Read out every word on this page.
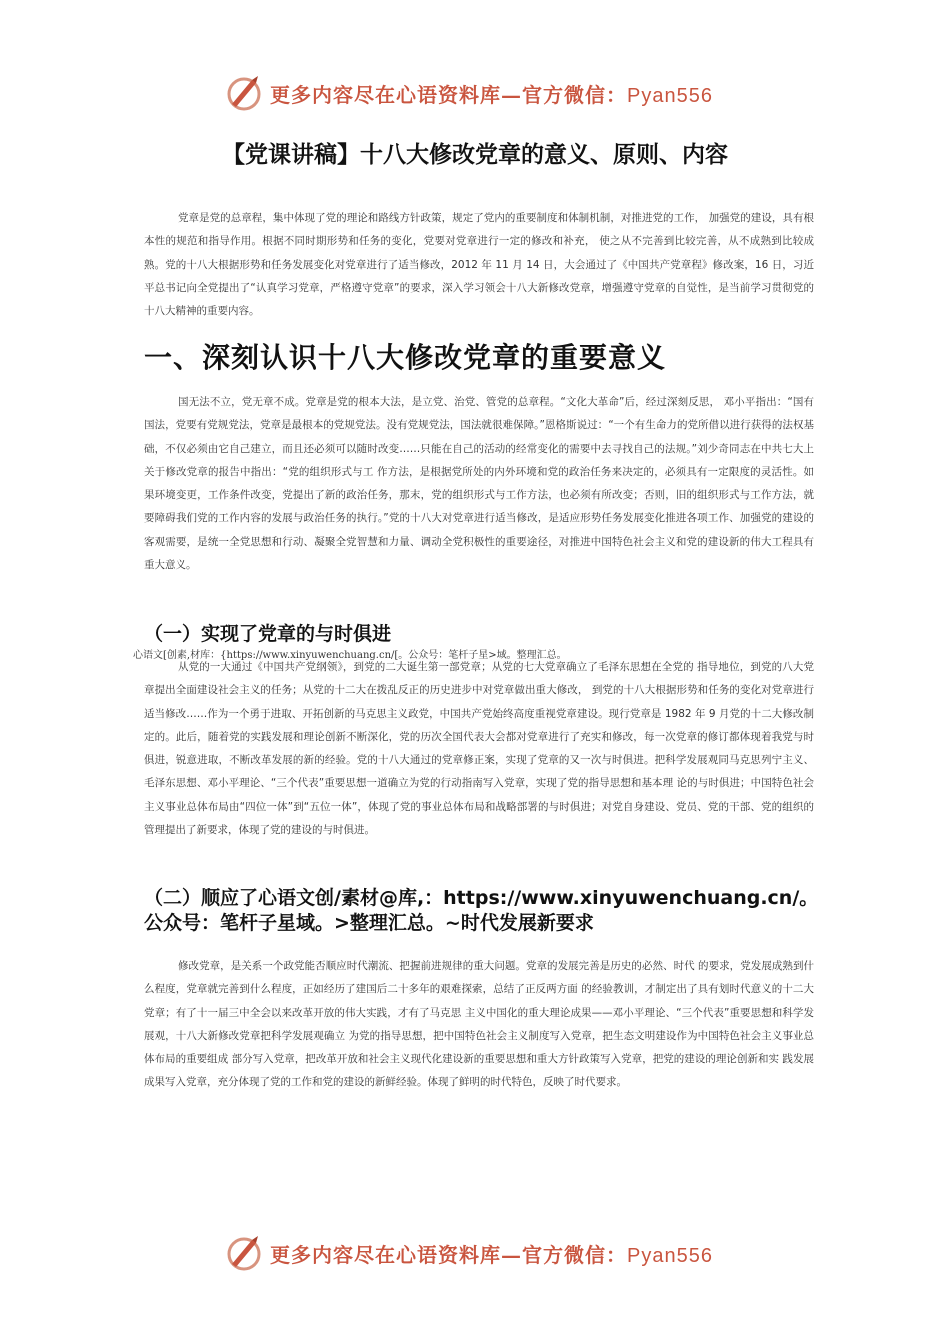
更多内容尽在心语资料库—官方微信：Pyan556
【党课讲稿】十八大修改党章的意义、原则、内容
党章是党的总章程，集中体现了党的理论和路线方针政策，规定了党内的重要制度和体制机制，对推进党的工作， 加强党的建设，具有根本性的规范和指导作用。根据不同时期形势和任务的变化，党要对党章进行一定的修改和补充， 使之从不完善到比较完善，从不成熟到比较成熟。党的十八大根据形势和任务发展变化对党章进行了适当修改，2012 年 11 月 14 日，大会通过了《中国共产党章程》修改案，16 日，习近平总书记向全党提出了“认真学习党章，严格遵守党章”的要求，深入学习领会十八大新修改党章，增强遵守党章的自觉性，是当前学习贯彻党的十八大精神的重要内容。
一、深刻认识十八大修改党章的重要意义
国无法不立，党无章不成。党章是党的根本大法，是立党、治党、管党的总章程。“文化大革命”后，经过深刻反思， 邓小平指出：“国有国法，党要有党规党法，党章是最根本的党规党法。没有党规党法，国法就很难保障。”恩格斯说过：“一个有生命力的党所借以进行获得的法权基础，不仅必须由它自己建立，而且还必须可以随时改变……只能在自己的活动的经常变化的需要中去寻找自己的法规。”刘少奇同志在中共七大上关于修改党章的报告中指出：“党的组织形式与工 作方法，是根据党所处的内外环境和党的政治任务来决定的，必须具有一定限度的灵活性。如果环境变更，工作条件改变，党提出了新的政治任务，那末，党的组织形式与工作方法，也必须有所改变；否则，旧的组织形式与工作方法，就要障碍我们党的工作内容的发展与政治任务的执行。”党的十八大对党章进行适当修改，是适应形势任务发展变化推进各项工作、加强党的建设的客观需要，是统一全党思想和行动、凝聚全党智慧和力量、调动全党积极性的重要途径，对推进中国特色社会主义和党的建设新的伟大工程具有重大意义。
（一）实现了党章的与时俱进
心语文[创素,材库：{https://www.xinyuwenchuang.cn/[。公众号：笔杆子星>域。整理汇总。
从党的一大通过《中国共产党纲领》，到党的二大诞生第一部党章；从党的七大党章确立了毛泽东思想在全党的 指导地位，到党的八大党章提出全面建设社会主义的任务；从党的十二大在拨乱反正的历史进步中对党章做出重大修改， 到党的十八大根据形势和任务的变化对党章进行适当修改……作为一个勇于进取、开拓创新的马克思主义政党，中国共产党始终高度重视党章建设。现行党章是 1982 年 9 月党的十二大修改制定的。此后，随着党的实践发展和理论创新不断深化，党的历次全国代表大会都对党章进行了充实和修改，每一次党章的修订都体现着我党与时俱进，锐意进取，不断改革发展的新的经验。党的十八大通过的党章修正案，实现了党章的又一次与时俱进。把科学发展观同马克思列宁主义、毛泽东思想、邓小平理论、“三个代表”重要思想一道确立为党的行动指南写入党章，实现了党的指导思想和基本理 论的与时俱进；中国特色社会主义事业总体布局由“四位一体”到“五位一体”，体现了党的事业总体布局和战略部署的与时俱进；对党自身建设、党员、党的干部、党的组织的管理提出了新要求，体现了党的建设的与时俱进。
（二）顺应了心语文创/素材@库,：https://www.xinyuwenchuang.cn/。公众号：笔杆子星域。>整理汇总。~时代发展新要求
修改党章，是关系一个政党能否顺应时代潮流、把握前进规律的重大问题。党章的发展完善是历史的必然、时代 的要求，党发展成熟到什么程度，党章就完善到什么程度，正如经历了建国后二十多年的艰难探索，总结了正反两方面 的经验教训，才制定出了具有划时代意义的十二大党章；有了十一届三中全会以来改革开放的伟大实践，才有了马克思 主义中国化的重大理论成果——邓小平理论、“三个代表”重要思想和科学发展观，十八大新修改党章把科学发展观确立 为党的指导思想，把中国特色社会主义制度写入党章，把生态文明建设作为中国特色社会主义事业总体布局的重要组成 部分写入党章，把改革开放和社会主义现代化建设新的重要思想和重大方针政策写入党章，把党的建设的理论创新和实 践发展成果写入党章，充分体现了党的工作和党的建设的新鲜经验。体现了鲜明的时代特色，反映了时代要求。
更多内容尽在心语资料库—官方微信：Pyan556
